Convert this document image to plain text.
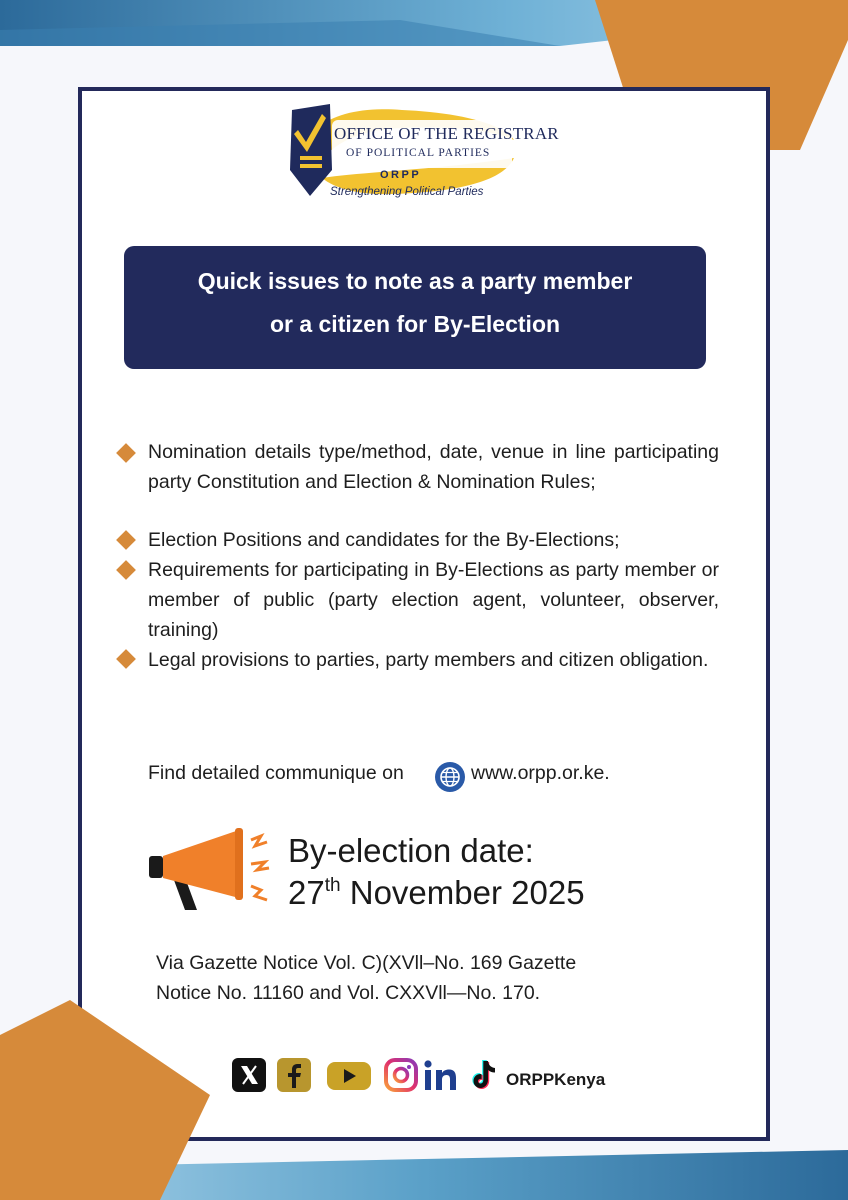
OFFICE OF THE REGISTRAR
OF POLITICAL PARTIES
ORPP
Strengthening Political Parties
Quick issues to note as a party member
or a citizen for By-Election
Nomination details type/method, date, venue in line participating party Constitution and Election & Nomination Rules;
Election Positions and candidates for the By-Elections;
Requirements for participating in By-Elections as party member or member of public (party election agent, volunteer, observer, training)
Legal provisions to parties, party members and citizen obligation.
Find detailed communique on	www.orpp.or.ke.
By-election date:
27th November 2025
Via Gazette Notice Vol. C)(XVll–No. 169 Gazette
Notice No. 11160 and Vol. CXXVll—No. 170.
ORPPKenya
